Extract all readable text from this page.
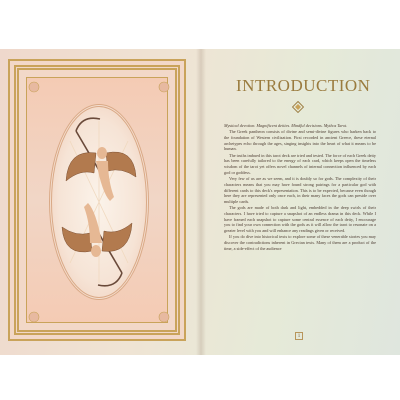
INTRODUCTION

Mystical devotion. Magnificent deities. Mindful decisions. Mythos Tarot.

The Greek pantheon consists of divine and semi-divine figures who harken back to the foundation of Western civilization. First recorded in ancient Greece, these eternal archetypes echo through the ages, singing insights into the heart of what it means to be human.

The truths imbued in this tarot deck are tried and tested. The force of each Greek deity has been carefully tailored to the energy of each card, which keeps open the timeless wisdom of the tarot yet offers novel channels of internal connection influenced by each god or goddess.

Very few of us are as we seem, and it is doubly so for gods. The complexity of their characters means that you may have found strong pairings for a particular god with different cards to this deck's representation. This is to be expected, because even though here they are represented only once each, in their many faces the gods can preside over multiple cards.

The gods are made of both dark and light, embedded in the deep swirls of their characters. I have tried to capture a snapshot of an endless drama in this deck. While I have framed each snapshot to capture some central essence of each deity, I encourage you to find your own connection with the gods as it will allow the tarot to resonate on a greater level with you and will enhance any readings given or received.

If you do dive into historical texts to explore some of these venerable stories you may discover the contradictions inherent in Grecian texts. Many of them are a product of the time, a side-effect of the audience

1
